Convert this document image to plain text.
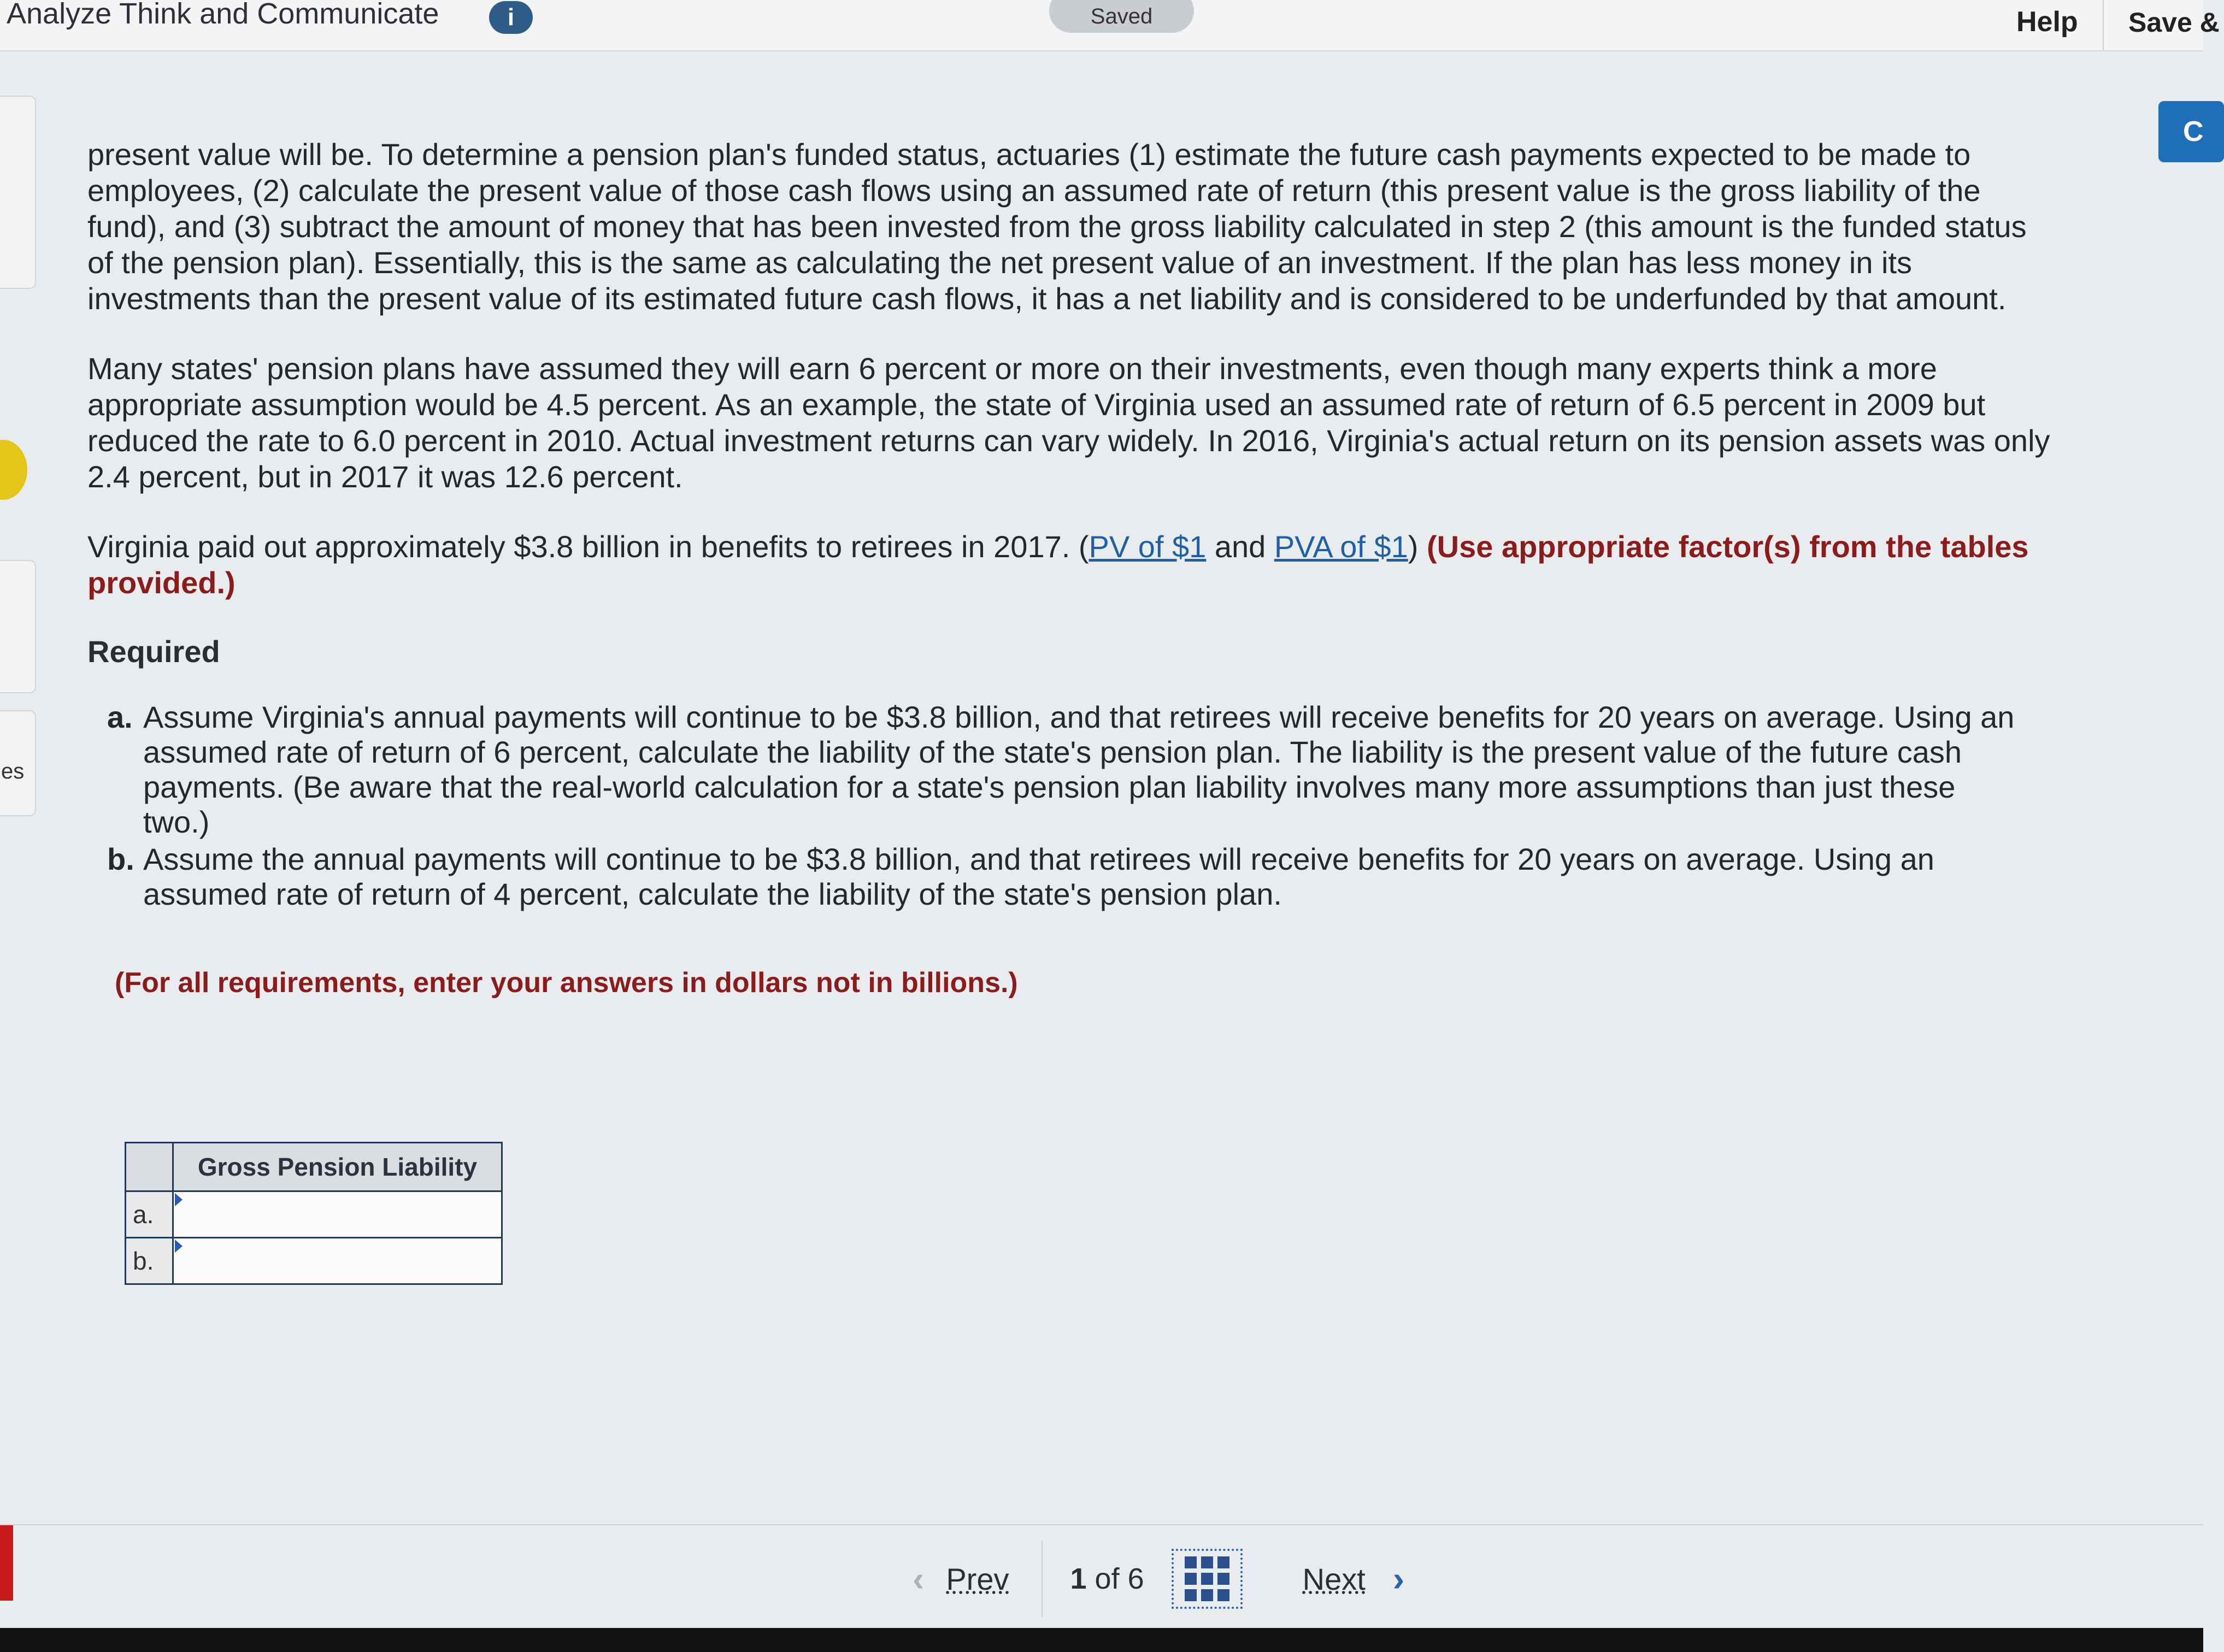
Analyze Think and Communicate	i	Saved	Help Save &
es
C

present value will be. To determine a pension plan's funded status, actuaries (1) estimate the future cash payments expected to be made to employees, (2) calculate the present value of those cash flows using an assumed rate of return (this present value is the gross liability of the fund), and (3) subtract the amount of money that has been invested from the gross liability calculated in step 2 (this amount is the funded status of the pension plan). Essentially, this is the same as calculating the net present value of an investment. If the plan has less money in its investments than the present value of its estimated future cash flows, it has a net liability and is considered to be underfunded by that amount.

Many states' pension plans have assumed they will earn 6 percent or more on their investments, even though many experts think a more appropriate assumption would be 4.5 percent. As an example, the state of Virginia used an assumed rate of return of 6.5 percent in 2009 but reduced the rate to 6.0 percent in 2010. Actual investment returns can vary widely. In 2016, Virginia's actual return on its pension assets was only 2.4 percent, but in 2017 it was 12.6 percent.

Virginia paid out approximately $3.8 billion in benefits to retirees in 2017. (PV of $1 and PVA of $1) (Use appropriate factor(s) from the tables provided.)

Required
a. Assume Virginia's annual payments will continue to be $3.8 billion, and that retirees will receive benefits for 20 years on average. Using an assumed rate of return of 6 percent, calculate the liability of the state's pension plan. The liability is the present value of the future cash payments. (Be aware that the real-world calculation for a state's pension plan liability involves many more assumptions than just these two.)
b. Assume the annual payments will continue to be $3.8 billion, and that retirees will receive benefits for 20 years on average. Using an assumed rate of return of 4 percent, calculate the liability of the state's pension plan.
(For all requirements, enter your answers in dollars not in billions.)
	Gross Pension Liability
a.	

b.	
‹ Prev 1 of 6	Next ›
